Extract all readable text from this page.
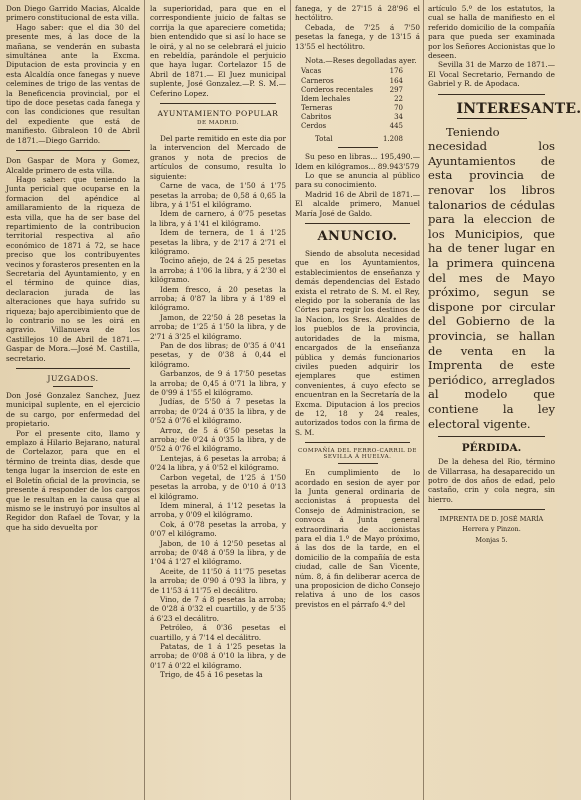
Don Diego Garrido Macias, Alcalde primero constitucional de esta villa.

Hago saber: que el dia 30 del presente mes, á las doce de la mañana, se venderán en subasta simultánea ante la Excma. Diputacion de esta provincia y en esta Alcaldía once fanegas y nueve celemines de trigo de las ventas de la Beneficencia provincial, por el tipo de doce pesetas cada fanega y con las condiciones que resultan del expediente que está de manifiesto. Gibraleon 10 de Abril de 1871.—Diego Garrido.

Don Gaspar de Mora y Gomez, Alcalde primero de esta villa.

Hago saber: que teniendo la Junta pericial que ocuparse en la formacion del apéndice al amillaramiento de la riqueza de esta villa, que ha de ser base del repartimiento de la contribucion territorial respectiva al año económico de 1871 á 72, se hace preciso que los contribuyentes vecinos y forasteros presenten en la Secretaria del Ayuntamiento, y en el término de quince dias, declaracion jurada de las alteraciones que haya sufrido su riqueza; bajo apercibimiento que de lo contrario no se les oirá en agravio. Villanueva de los Castillejos 10 de Abril de 1871.—Gaspar de Mora.—José M. Castilla, secretario.

JUZGADOS.

Don José Gonzalez Sanchez, Juez municipal suplente, en el ejercicio de su cargo, por enfermedad del propietario.

Por el presente cito, llamo y emplazo á Hilario Bejarano, natural de Cortelazor, para que en el término de treinta dias, desde que tenga lugar la insercion de este en el Boletín oficial de la provincia, se presente á responder de los cargos que le resultan en la causa que al mismo se le instruyó por insultos al Regidor don Rafael de Tovar, y la que ha sido devuelta por

la superioridad, para que en el correspondiente juicio de faltas se corrija la que apareciere cometida; bien entendido que si así lo hace se le oirá, y al no se celebrará el juicio en rebeldía, parándole el perjuicio que haya lugar. Cortelazor 15 de Abril de 1871.— El Juez municipal suplente, José Gonzalez.—P. S. M.— Ceferino Lopez.

AYUNTAMIENTO POPULAR
DE MADRID.

Del parte remitido en este dia por la intervencion del Mercado de granos y nota de precios de artículos de consumo, resulta lo siguiente:

Carne de vaca, de 1'50 á 1'75 pesetas la arroba; de 0,58 á 0,65 la libra, y á 1'51 el kilógramo.

Idem de carnero, á 0'75 pesetas la libra, y á 1'41 el kilógramo.

Idem de ternera, de 1 á 1'25 pesetas la libra, y de 2'17 á 2'71 el kilógramo.

Tocino añejo, de 24 á 25 pesetas la arroba; á 1'06 la libra, y á 2'30 el kilógramo.

Idem fresco, á 20 pesetas la arroba; á 0'87 la libra y á 1'89 el kilógramo.

Jamon, de 22'50 á 28 pesetas la arroba; de 1'25 á 1'50 la libra, y de 2'71 á 3'25 el kilógramo.

Pan de dos libras; de 0'35 á 0'41 pesetas, y de 0'38 á 0,44 el kilógramo.

Garbanzos, de 9 á 17'50 pesetas la arroba; de 0,45 á 0'71 la libra, y de 0'99 á 1'55 el kilógramo.

Judías, de 5'50 á 7 pesetas la arroba; de 0'24 á 0'35 la libra, y de 0'52 á 0'76 el kilógramo.

Arroz, de 5 á 6'50 pesetas la arroba; de 0'24 á 0'35 la libra, y de 0'52 á 0'76 el kilógramo.

Lentejas, á 6 pesetas la arroba; á 0'24 la libra, y á 0'52 el kilógramo.

Carbon vegetal, de 1'25 á 1'50 pesetas la arroba, y de 0'10 á 0'13 el kilógramo.

Idem mineral, á 1'12 pesetas la arroba, y 0'09 el kilógramo.

Cok, á 0'78 pesetas la arroba, y 0'07 el kilógramo.

Jabon, de 10 á 12'50 pesetas al arroba; de 0'48 á 0'59 la libra, y de 1'04 á 1'27 el kilógramo.

Aceite, de 11'50 á 11'75 pesetas la arroba; de 0'90 á 0'93 la libra, y de 11'53 á 11'75 el decálitro.

Vino, de 7 á 8 pesetas la arroba; de 0'28 á 0'32 el cuartillo, y de 5'35 á 6'23 el decálitro.

Petróleo, á 0'36 pesetas el cuartillo, y á 7'14 el decálitro.

Patatas, de 1 á 1'25 pesetas la arroba; de 0'08 á 0'10 la libra, y de 0'17 á 0'22 el kilógramo.

Trigo, de 45 á 16 pesetas la

fanega, y de 27'15 á 28'96 el hectólitro.

Cebada, de 7'25 á 7'50 pesetas la fanega, y de 13'15 á 13'55 el hectólitro.

Nota.—Reses degolladas ayer.

Vacas	176
Carneros	164
Corderos recentales	297
Idem lechales	22
Terneras	70
Cabritos	34
Cerdos	445
Total	1.208

Su peso en libras... 195,490.—Idem en kilógramos... 89.943'579

Lo que se anuncia al público para su conocimiento.

Madrid 16 de Abril de 1871.—El alcalde primero, Manuel María José de Galdo.

ANUNCIO.

Siendo de absoluta necesidad que en los Ayuntamientos, establecimientos de enseñanza y demás dependencias del Estado exista el retrato de S. M. el Rey, elegido por la soberanía de las Córtes para regir los destinos de la Nacion, los Sres. Alcaldes de los pueblos de la provincia, autoridades de la misma, encargados de la enseñanza pública y demás funcionarios civiles pueden adquirir los ejemplares que estimen convenientes, á cuyo efecto se encuentran en la Secretaría de la Excma. Diputacion á los precios de 12, 18 y 24 reales, autorizados todos con la firma de S. M.

COMPAÑÍA DEL FERRO-CARRIL DE SEVILLA Á HUELVA.

En cumplimiento de lo acordado en sesion de ayer por la Junta general ordinaria de accionistas á propuesta del Consejo de Administracion, se convoca á Junta general extraordinaria de accionistas para el dia 1.º de Mayo próximo, á las dos de la tarde, en el domicilio de la compañía de esta ciudad, calle de San Vicente, núm. 8, á fin deliberar acerca de una proposicion de dicho Consejo relativa á uno de los casos previstos en el párrafo 4.º del

artículo 5.º de los estatutos, la cual se halla de manifiesto en el referido domicilio de la compañía para que pueda ser examinada por los Señores Accionistas que lo deseen.

Sevilla 31 de Marzo de 1871.—El Vocal Secretario, Fernando de Gabriel y R. de Apodaca.

INTERESANTE.

Teniendo necesidad los Ayuntamientos de esta provincia de renovar los libros talonarios de cédulas para la eleccion de los Municipios, que ha de tener lugar en la primera quincena del mes de Mayo próximo, segun se dispone por circular del Gobierno de la provincia, se hallan de venta en la Imprenta de este periódico, arreglados al modelo que contiene la ley electoral vigente.

PÉRDIDA.

De la dehesa del Rio, término de Villarrasa, ha desaparecido un potro de dos años de edad, pelo castaño, crin y cola negra, sin hierro.

IMPRENTA DE D. JOSÉ MARÍA Herrera y Pinzon.

Monjas 5.
